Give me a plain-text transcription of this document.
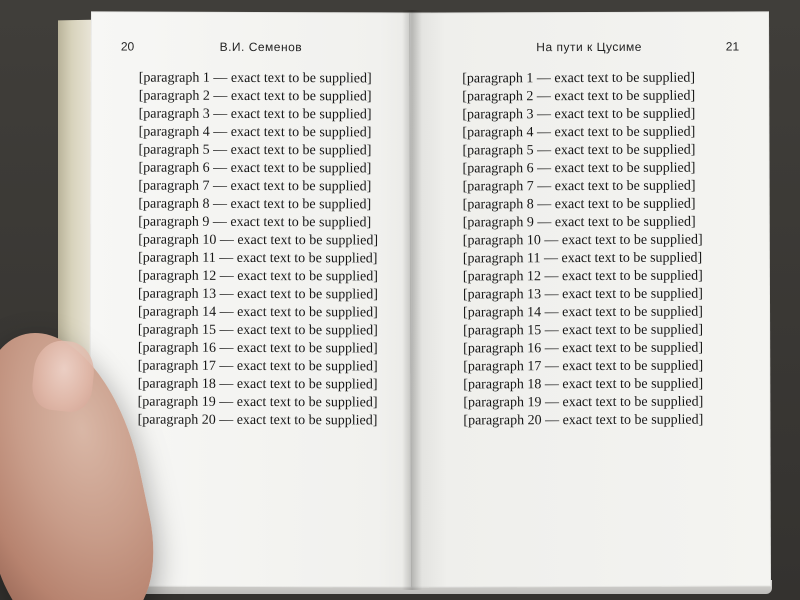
20	В.И. Семенов

[paragraph 1 — exact text to be supplied]

[paragraph 2 — exact text to be supplied]

[paragraph 3 — exact text to be supplied]

[paragraph 4 — exact text to be supplied]

[paragraph 5 — exact text to be supplied]

[paragraph 6 — exact text to be supplied]

[paragraph 7 — exact text to be supplied]

[paragraph 8 — exact text to be supplied]

[paragraph 9 — exact text to be supplied]

[paragraph 10 — exact text to be supplied]

[paragraph 11 — exact text to be supplied]

[paragraph 12 — exact text to be supplied]

[paragraph 13 — exact text to be supplied]

[paragraph 14 — exact text to be supplied]

[paragraph 15 — exact text to be supplied]

[paragraph 16 — exact text to be supplied]

[paragraph 17 — exact text to be supplied]

[paragraph 18 — exact text to be supplied]

[paragraph 19 — exact text to be supplied]

[paragraph 20 — exact text to be supplied]

На пути к Цусиме	21

[paragraph 1 — exact text to be supplied]

[paragraph 2 — exact text to be supplied]

[paragraph 3 — exact text to be supplied]

[paragraph 4 — exact text to be supplied]

[paragraph 5 — exact text to be supplied]

[paragraph 6 — exact text to be supplied]

[paragraph 7 — exact text to be supplied]

[paragraph 8 — exact text to be supplied]

[paragraph 9 — exact text to be supplied]

[paragraph 10 — exact text to be supplied]

[paragraph 11 — exact text to be supplied]

[paragraph 12 — exact text to be supplied]

[paragraph 13 — exact text to be supplied]

[paragraph 14 — exact text to be supplied]

[paragraph 15 — exact text to be supplied]

[paragraph 16 — exact text to be supplied]

[paragraph 17 — exact text to be supplied]

[paragraph 18 — exact text to be supplied]

[paragraph 19 — exact text to be supplied]

[paragraph 20 — exact text to be supplied]
